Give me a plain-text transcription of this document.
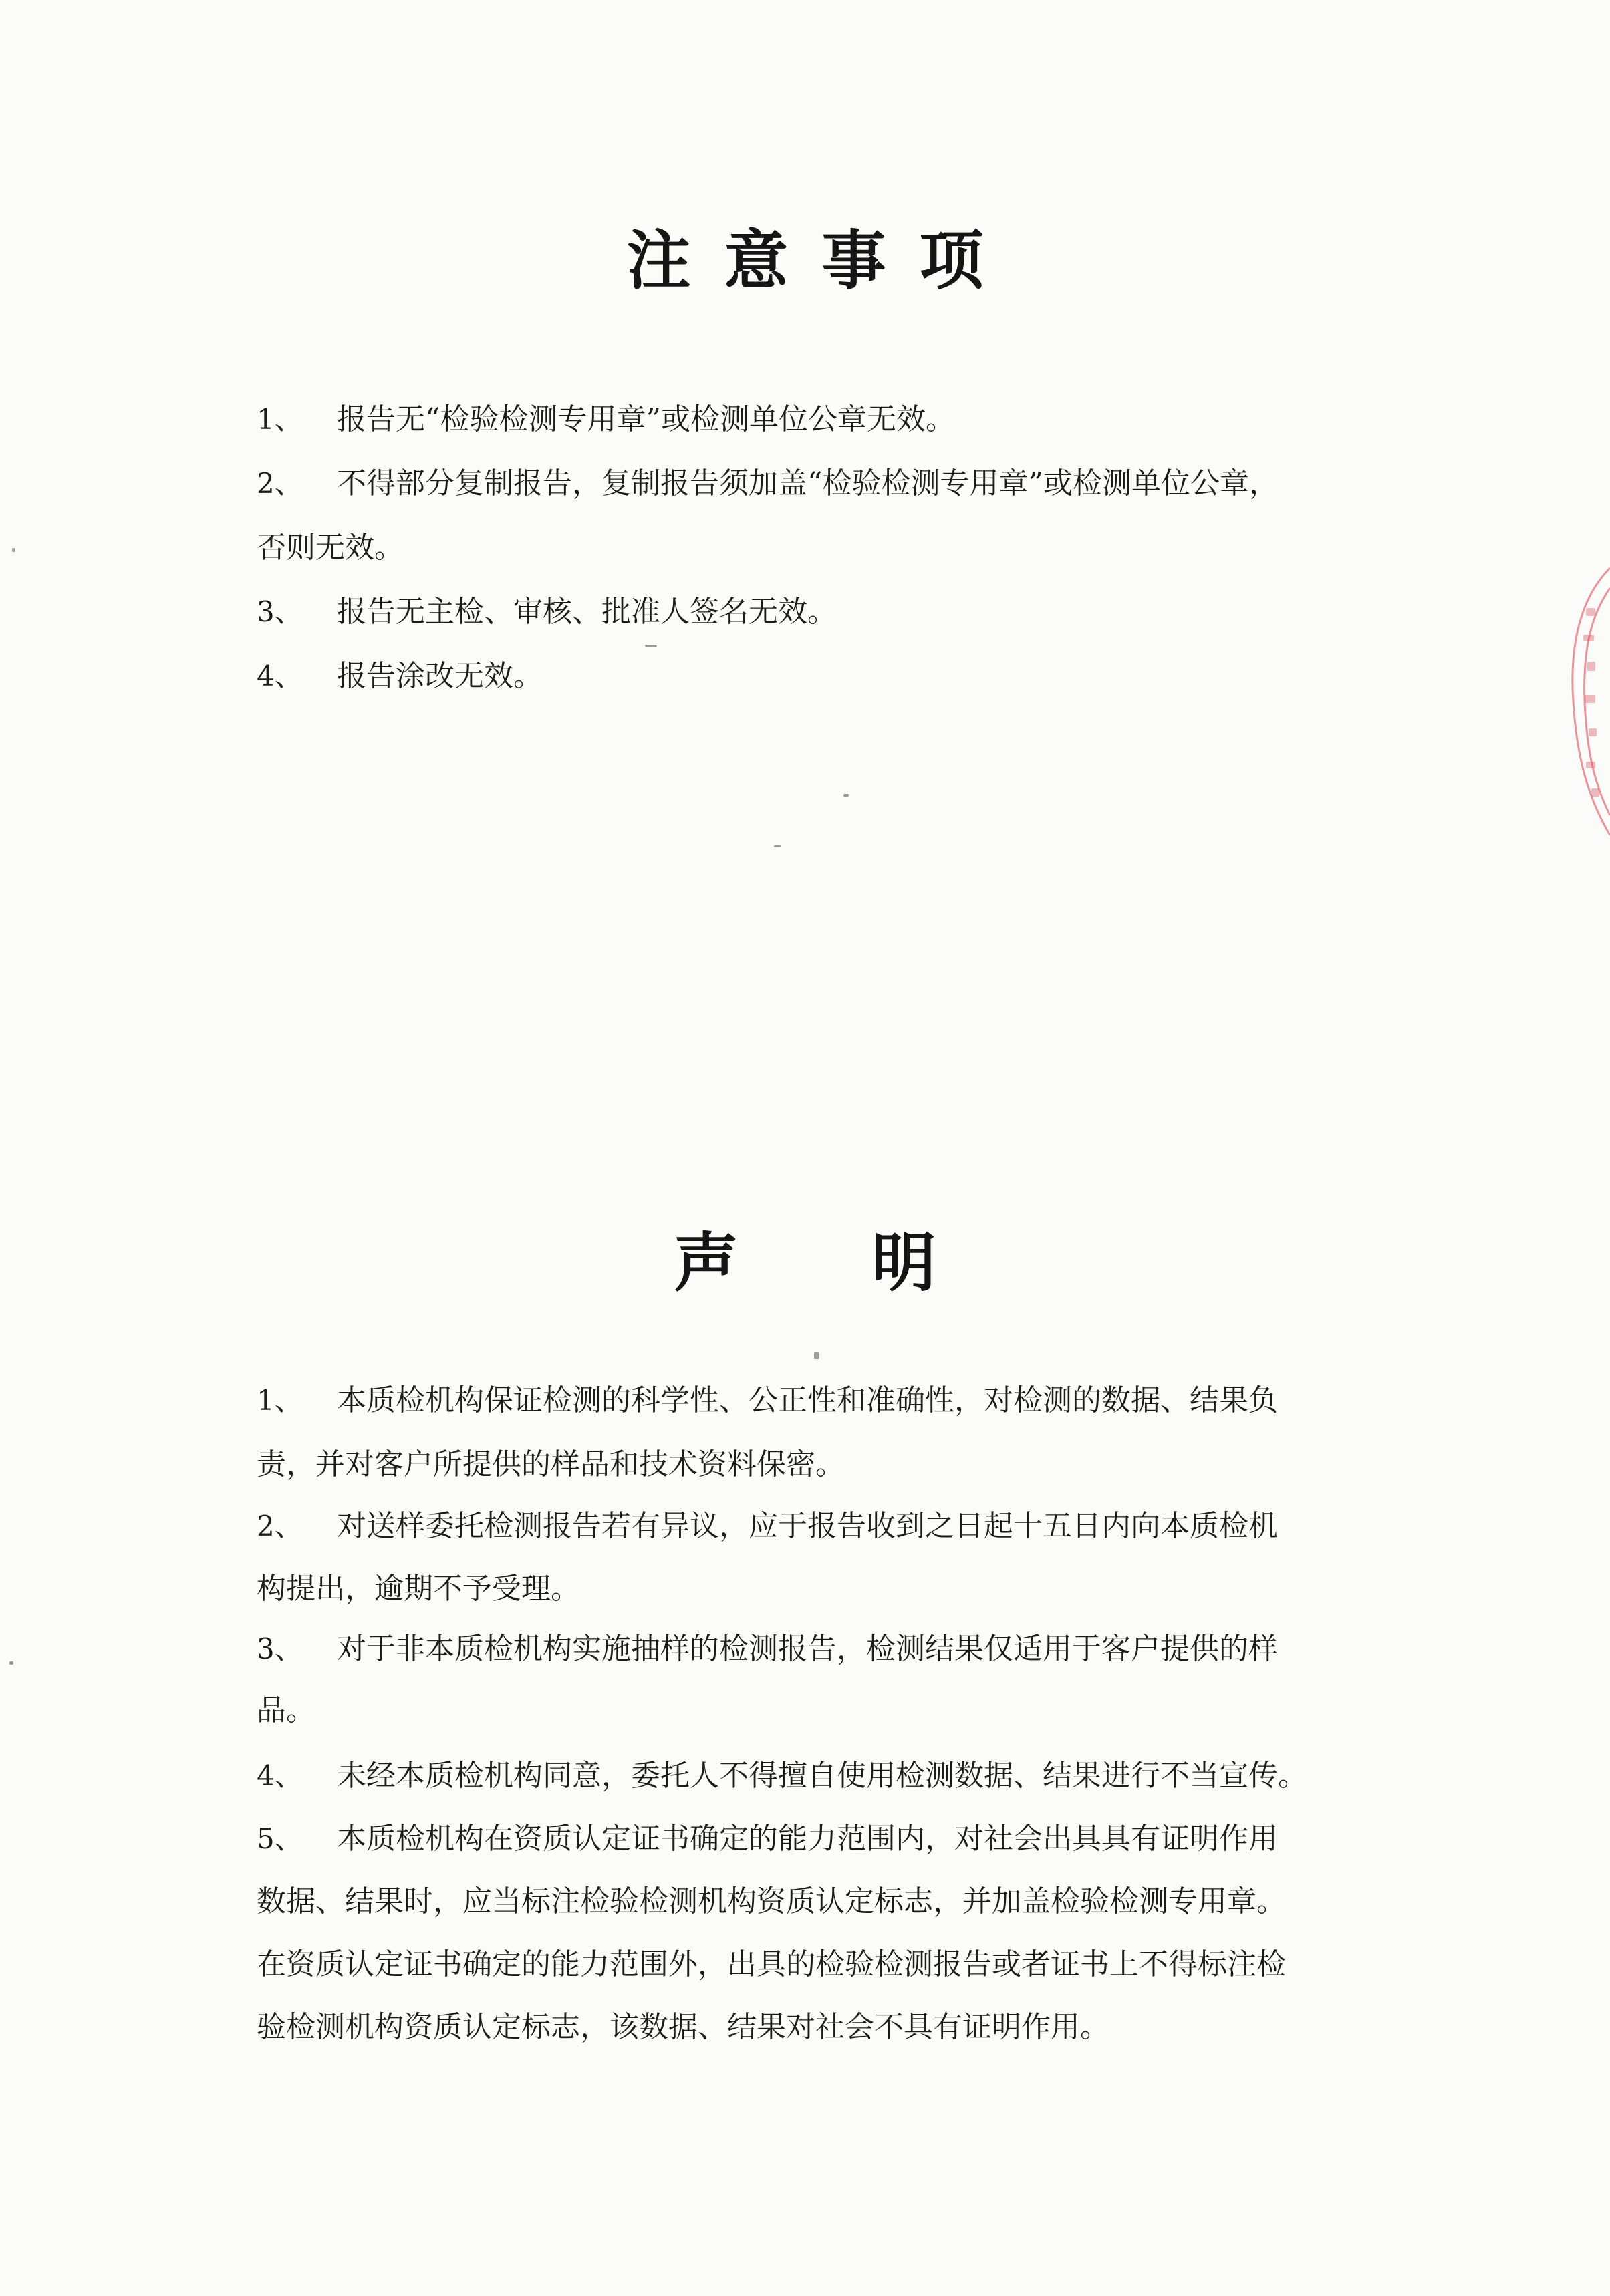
注意事项

1、 报告无“检验检测专用章”或检测单位公章无效。

2、 不得部分复制报告，复制报告须加盖“检验检测专用章”或检测单位公章，

否则无效。

3、 报告无主检、审核、批准人签名无效。

4、 报告涂改无效。

声明

1、 本质检机构保证检测的科学性、公正性和准确性，对检测的数据、结果负

责，并对客户所提供的样品和技术资料保密。

2、 对送样委托检测报告若有异议，应于报告收到之日起十五日内向本质检机

构提出，逾期不予受理。

3、 对于非本质检机构实施抽样的检测报告，检测结果仅适用于客户提供的样

品。

4、 未经本质检机构同意，委托人不得擅自使用检测数据、结果进行不当宣传。

5、 本质检机构在资质认定证书确定的能力范围内，对社会出具具有证明作用

数据、结果时，应当标注检验检测机构资质认定标志，并加盖检验检测专用章。

在资质认定证书确定的能力范围外，出具的检验检测报告或者证书上不得标注检

验检测机构资质认定标志，该数据、结果对社会不具有证明作用。
